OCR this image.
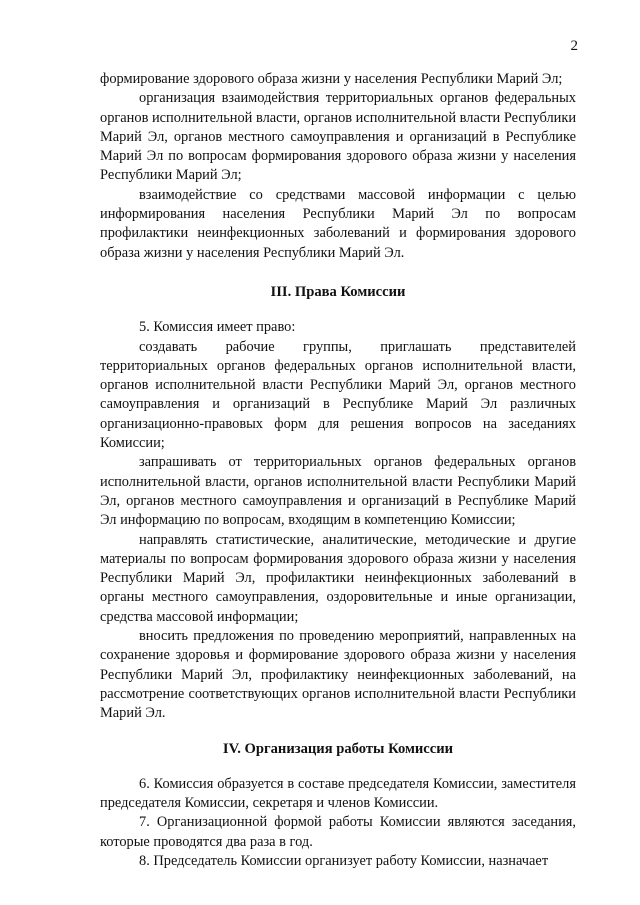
2

формирование здорового образа жизни у населения Республики Марий Эл;

организация взаимодействия территориальных органов федеральных органов исполнительной власти, органов исполнительной власти Республики Марий Эл, органов местного самоуправления и организаций в Республике Марий Эл по вопросам формирования здорового образа жизни у населения Республики Марий Эл;

взаимодействие со средствами массовой информации с целью информирования населения Республики Марий Эл по вопросам профилактики неинфекционных заболеваний и формирования здорового образа жизни у населения Республики Марий Эл.

III. Права Комиссии

5. Комиссия имеет право:

создавать рабочие группы, приглашать представителей территориальных органов федеральных органов исполнительной власти, органов исполнительной власти Республики Марий Эл, органов местного самоуправления и организаций в Республике Марий Эл различных организационно-правовых форм для решения вопросов на заседаниях Комиссии;

запрашивать от территориальных органов федеральных органов исполнительной власти, органов исполнительной власти Республики Марий Эл, органов местного самоуправления и организаций в Республике Марий Эл информацию по вопросам, входящим в компетенцию Комиссии;

направлять статистические, аналитические, методические и другие материалы по вопросам формирования здорового образа жизни у населения Республики Марий Эл, профилактики неинфекционных заболеваний в органы местного самоуправления, оздоровительные и иные организации, средства массовой информации;

вносить предложения по проведению мероприятий, направленных на сохранение здоровья и формирование здорового образа жизни у населения Республики Марий Эл, профилактику неинфекционных заболеваний, на рассмотрение соответствующих органов исполнительной власти Республики Марий Эл.

IV. Организация работы Комиссии

6. Комиссия образуется в составе председателя Комиссии, заместителя председателя Комиссии, секретаря и членов Комиссии.

7. Организационной формой работы Комиссии являются заседания, которые проводятся два раза в год.

8. Председатель Комиссии организует работу Комиссии, назначает
